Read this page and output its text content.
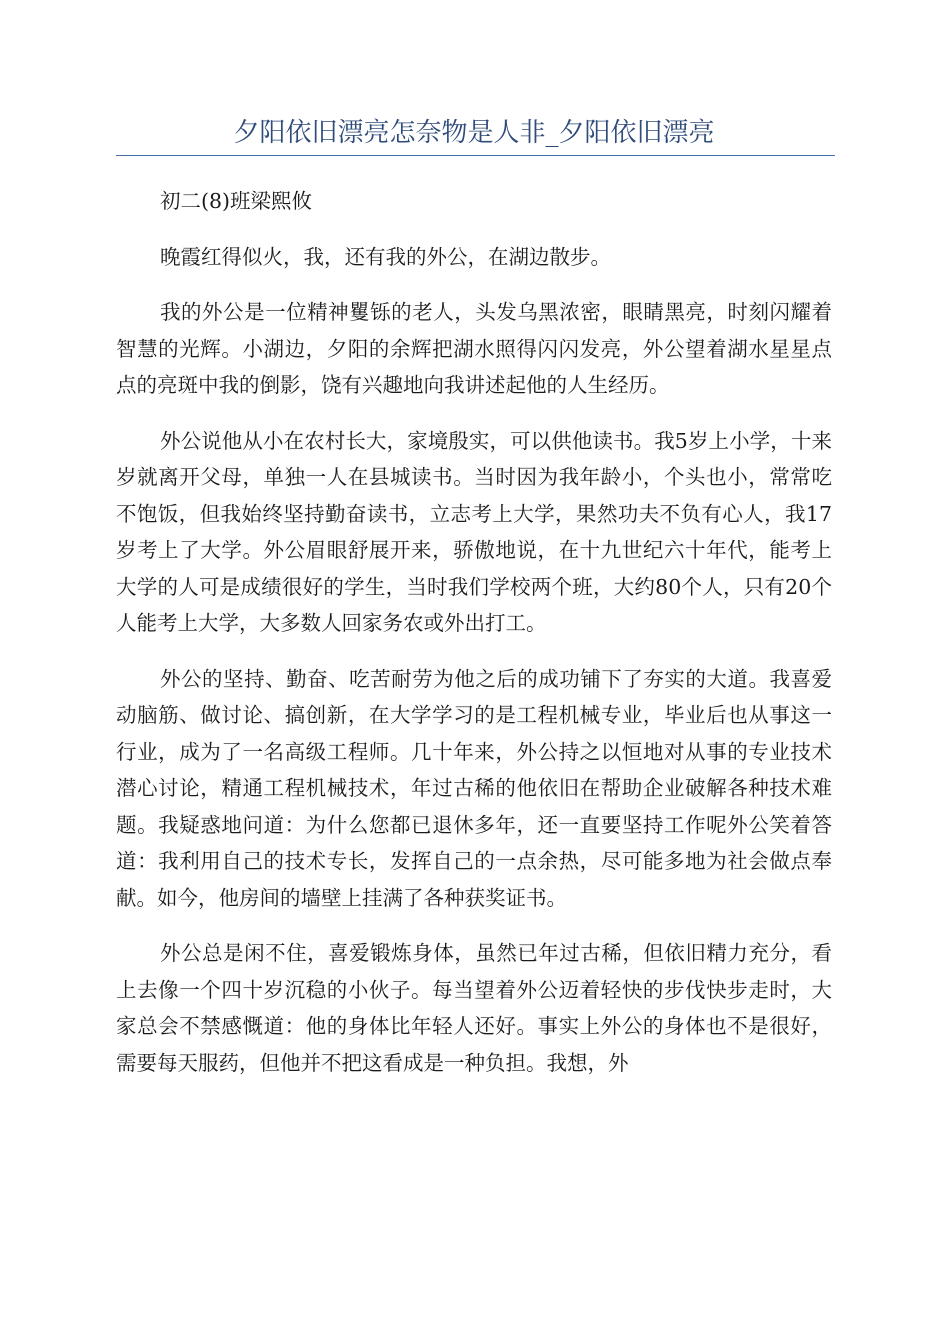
夕阳依旧漂亮怎奈物是人非_夕阳依旧漂亮

初二(8)班梁熙攸

晚霞红得似火，我，还有我的外公，在湖边散步。

我的外公是一位精神矍铄的老人，头发乌黑浓密，眼睛黑亮，时刻闪耀着智慧的光辉。小湖边，夕阳的余辉把湖水照得闪闪发亮，外公望着湖水星星点点的亮斑中我的倒影，饶有兴趣地向我讲述起他的人生经历。

外公说他从小在农村长大，家境殷实，可以供他读书。我5岁上小学，十来岁就离开父母，单独一人在县城读书。当时因为我年龄小，个头也小，常常吃不饱饭，但我始终坚持勤奋读书，立志考上大学，果然功夫不负有心人，我17岁考上了大学。外公眉眼舒展开来，骄傲地说，在十九世纪六十年代，能考上大学的人可是成绩很好的学生，当时我们学校两个班，大约80个人，只有20个人能考上大学，大多数人回家务农或外出打工。

外公的坚持、勤奋、吃苦耐劳为他之后的成功铺下了夯实的大道。我喜爱动脑筋、做讨论、搞创新，在大学学习的是工程机械专业，毕业后也从事这一行业，成为了一名高级工程师。几十年来，外公持之以恒地对从事的专业技术潜心讨论，精通工程机械技术，年过古稀的他依旧在帮助企业破解各种技术难题。我疑惑地问道：为什么您都已退休多年，还一直要坚持工作呢外公笑着答道：我利用自己的技术专长，发挥自己的一点余热，尽可能多地为社会做点奉献。如今，他房间的墙壁上挂满了各种获奖证书。

外公总是闲不住，喜爱锻炼身体，虽然已年过古稀，但依旧精力充分，看上去像一个四十岁沉稳的小伙子。每当望着外公迈着轻快的步伐快步走时，大家总会不禁感慨道：他的身体比年轻人还好。事实上外公的身体也不是很好，需要每天服药，但他并不把这看成是一种负担。我想，外
